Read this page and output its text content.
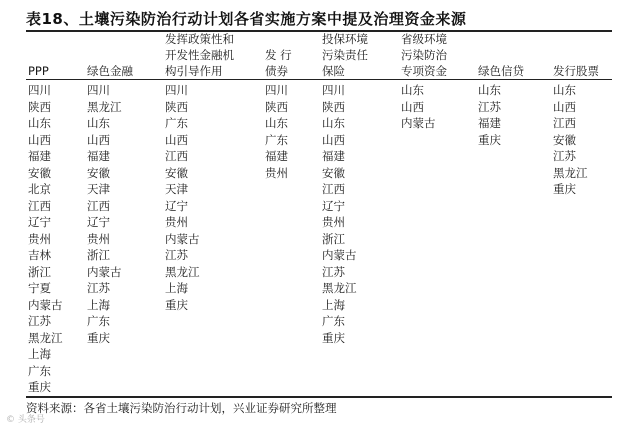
表18、土壤污染防治行动计划各省实施方案中提及治理资金来源
PPP
四川
陕西
山东
山西
福建
安徽
北京
江西
辽宁
贵州
吉林
浙江
宁夏
内蒙古
江苏
黑龙江
上海
广东
重庆
绿色金融
四川
黑龙江
山东
山西
福建
安徽
天津
江西
辽宁
贵州
浙江
内蒙古
江苏
上海
广东
重庆
发挥政策性和
开发性金融机
构引导作用
四川
陕西
广东
山西
江西
安徽
天津
辽宁
贵州
内蒙古
江苏
黑龙江
上海
重庆
发 行
债券
四川
陕西
山东
广东
福建
贵州
投保环境
污染责任
保险
四川
陕西
山东
山西
福建
安徽
江西
辽宁
贵州
浙江
内蒙古
江苏
黑龙江
上海
广东
重庆
省级环境
污染防治
专项资金
山东
山西
内蒙古
绿色信贷
山东
江苏
福建
重庆
发行股票
山东
山西
江西
安徽
江苏
黑龙江
重庆
资料来源：各省土壤污染防治行动计划，兴业证券研究所整理
© 头条号
